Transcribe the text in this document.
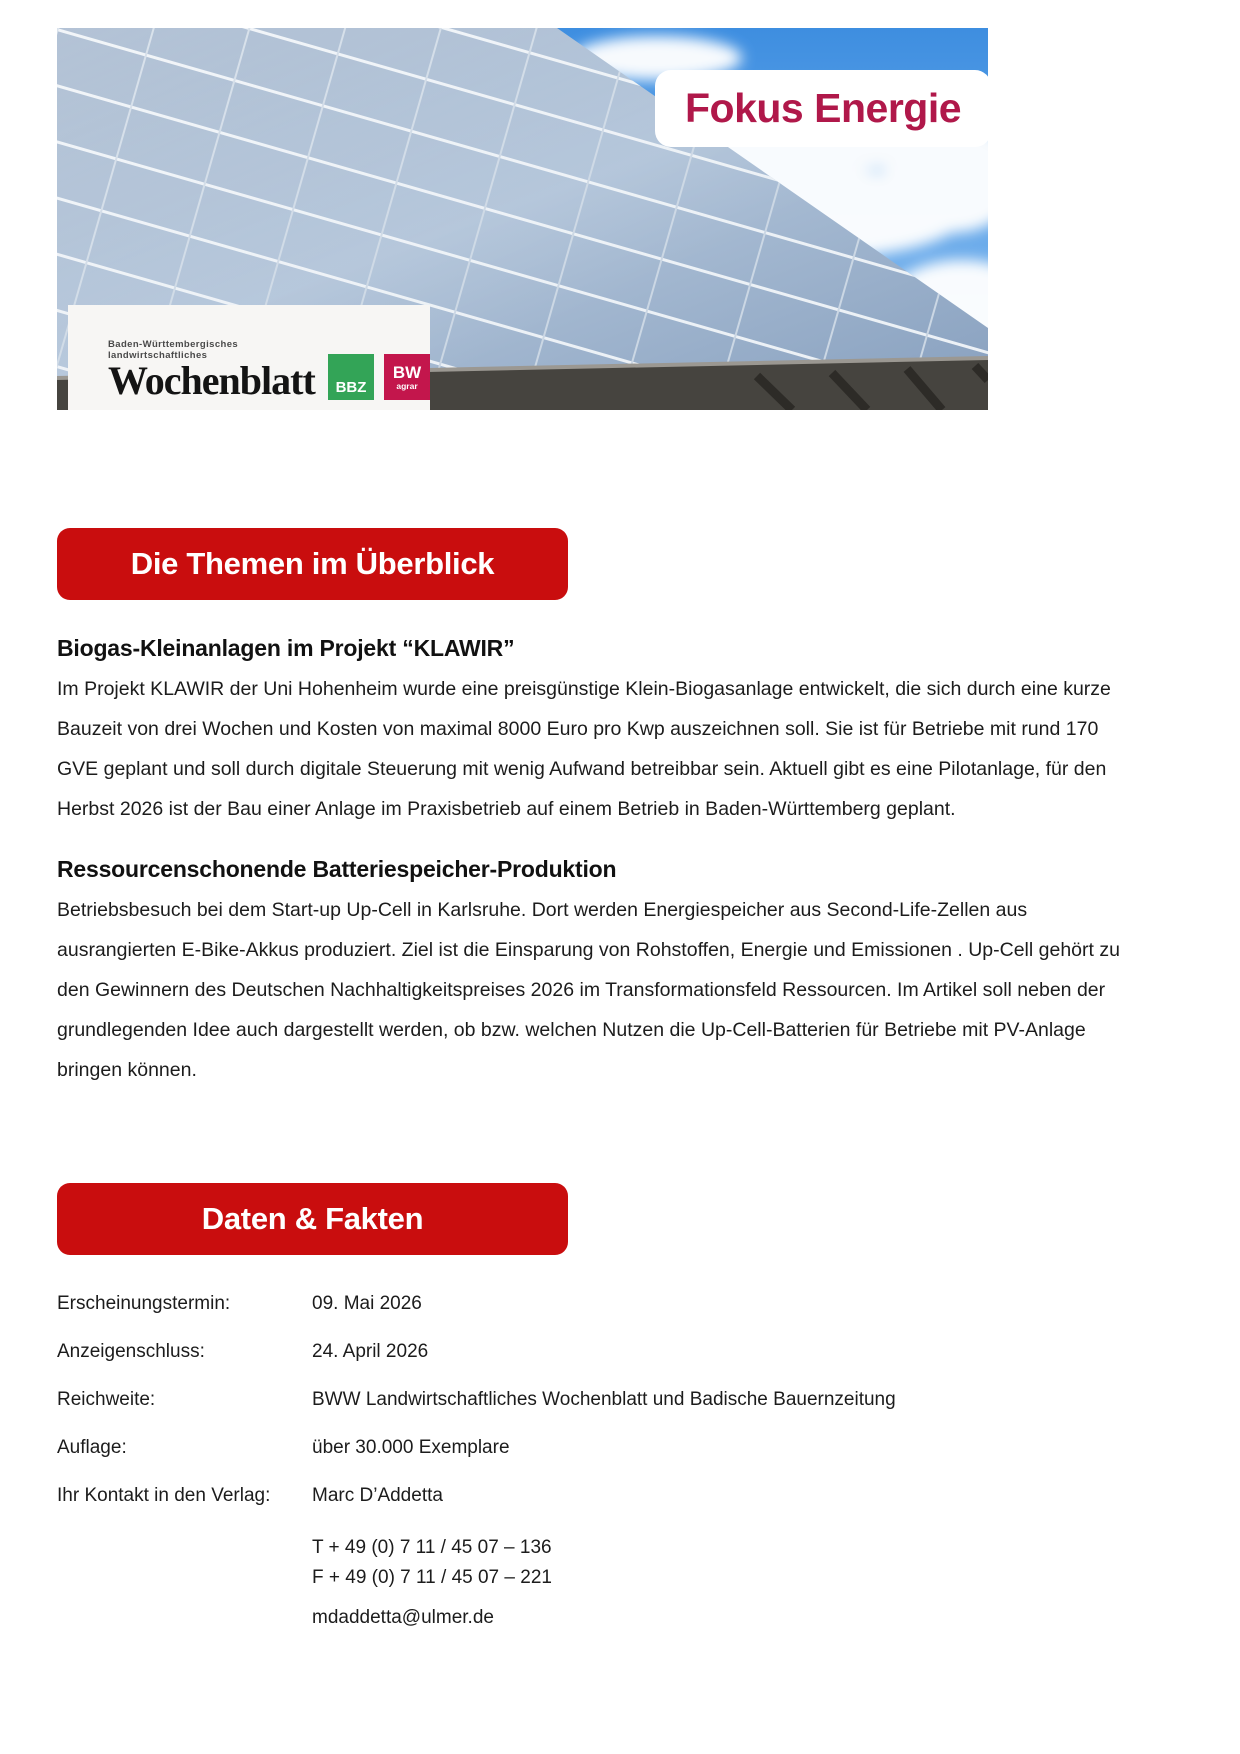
Fokus Energie
Baden-Württembergisches landwirtschaftliches
Wochenblatt BBZ
BW
agrar
Die Themen im Überblick
Biogas-Kleinanlagen im Projekt “KLAWIR”

Im Projekt KLAWIR der Uni Hohenheim wurde eine preisgünstige Klein-Biogasanlage entwickelt, die sich durch eine kurze Bauzeit von drei Wochen und Kosten von maximal 8000 Euro pro Kwp auszeichnen soll. Sie ist für Betriebe mit rund 170 GVE geplant und soll durch digitale Steuerung mit wenig Aufwand betreibbar sein. Aktuell gibt es eine Pilotanlage, für den Herbst 2026 ist der Bau einer Anlage im Praxisbetrieb auf einem Betrieb in Baden-Württemberg geplant.

Ressourcenschonende Batteriespeicher-Produktion

Betriebsbesuch bei dem Start-up Up-Cell in Karlsruhe. Dort werden Energiespeicher aus Second-Life-Zellen aus ausrangierten E-Bike-Akkus produziert. Ziel ist die Einsparung von Rohstoffen, Energie und Emissionen . Up-Cell gehört zu den Gewinnern des Deutschen Nachhaltigkeitspreises 2026 im Transformationsfeld Ressourcen. Im Artikel soll neben der grundlegenden Idee auch dargestellt werden, ob bzw. welchen Nutzen die Up-Cell-Batterien für Betriebe mit PV-Anlage bringen können.

Daten & Fakten
Erscheinungstermin:	09. Mai 2026
Anzeigenschluss:	24. April 2026
Reichweite:	BWW Landwirtschaftliches Wochenblatt und Badische Bauernzeitung
Auflage:	über 30.000 Exemplare
Ihr Kontakt in den Verlag:	Marc D’Addetta
T + 49 (0) 7 11 / 45 07 – 136
F + 49 (0) 7 11 / 45 07 – 221
mdaddetta@ulmer.de
